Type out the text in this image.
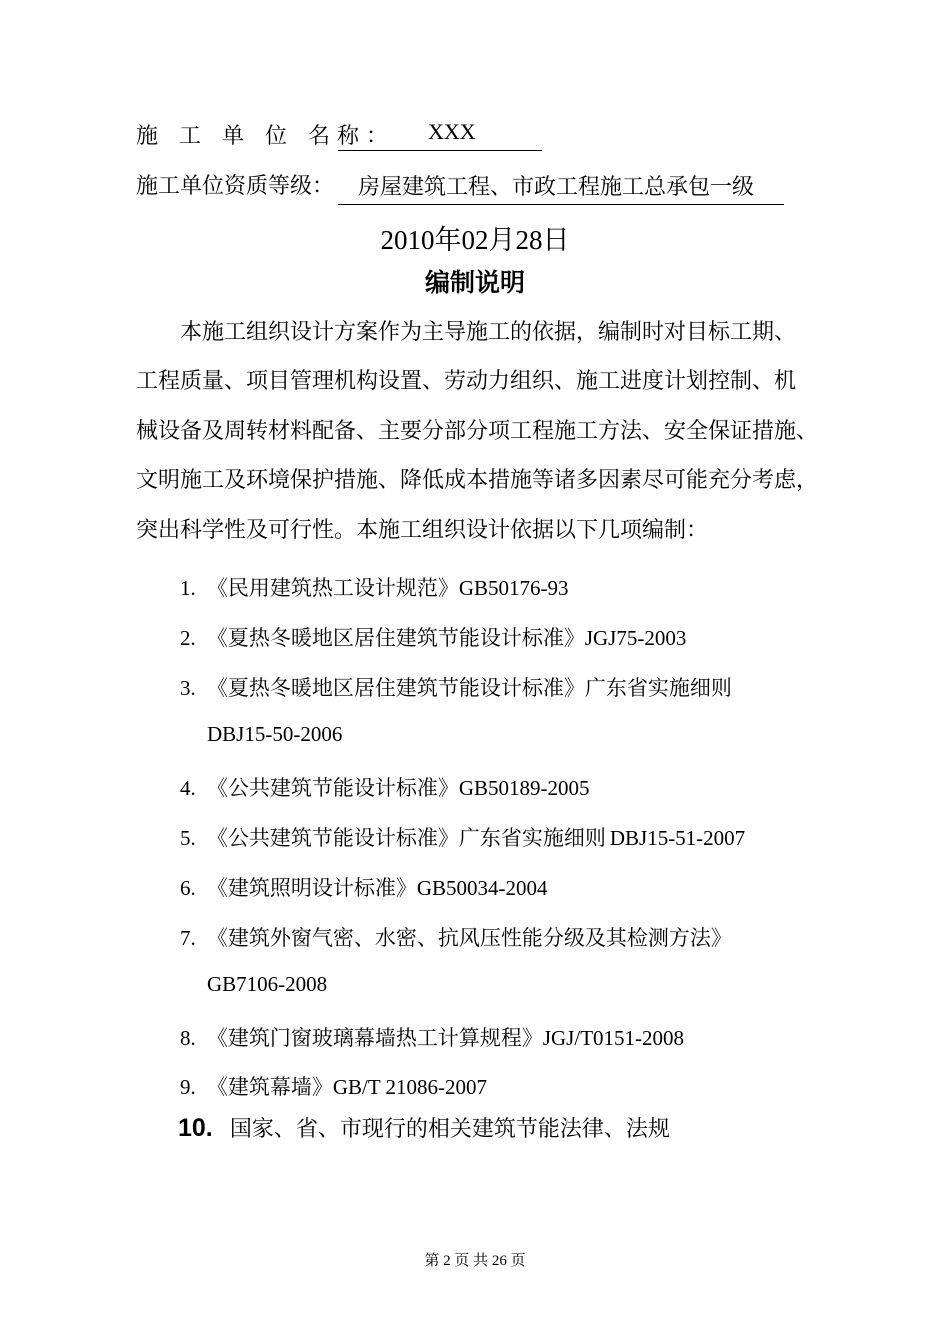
施 工 单 位 名称： XXX
施工单位资质等级： 房屋建筑工程、市政工程施工总承包一级
2010年02月28日
编制说明
本施工组织设计方案作为主导施工的依据，编制时对目标工期、
工程质量、项目管理机构设置、劳动力组织、施工进度计划控制、机
械设备及周转材料配备、主要分部分项工程施工方法、安全保证措施、
文明施工及环境保护措施、降低成本措施等诸多因素尽可能充分考虑，
突出科学性及可行性。本施工组织设计依据以下几项编制：
1. 《民用建筑热工设计规范》GB50176-93
2. 《夏热冬暖地区居住建筑节能设计标准》JGJ75-2003
3. 《夏热冬暖地区居住建筑节能设计标准》广东省实施细则
DBJ15-50-2006
4. 《公共建筑节能设计标准》GB50189-2005
5. 《公共建筑节能设计标准》广东省实施细则 DBJ15-51-2007
6. 《建筑照明设计标准》GB50034-2004
7. 《建筑外窗气密、水密、抗风压性能分级及其检测方法》
GB7106-2008
8. 《建筑门窗玻璃幕墙热工计算规程》JGJ/T0151-2008
9. 《建筑幕墙》GB/T 21086-2007
10. 国家、省、市现行的相关建筑节能法律、法规
第 2 页 共 26 页
